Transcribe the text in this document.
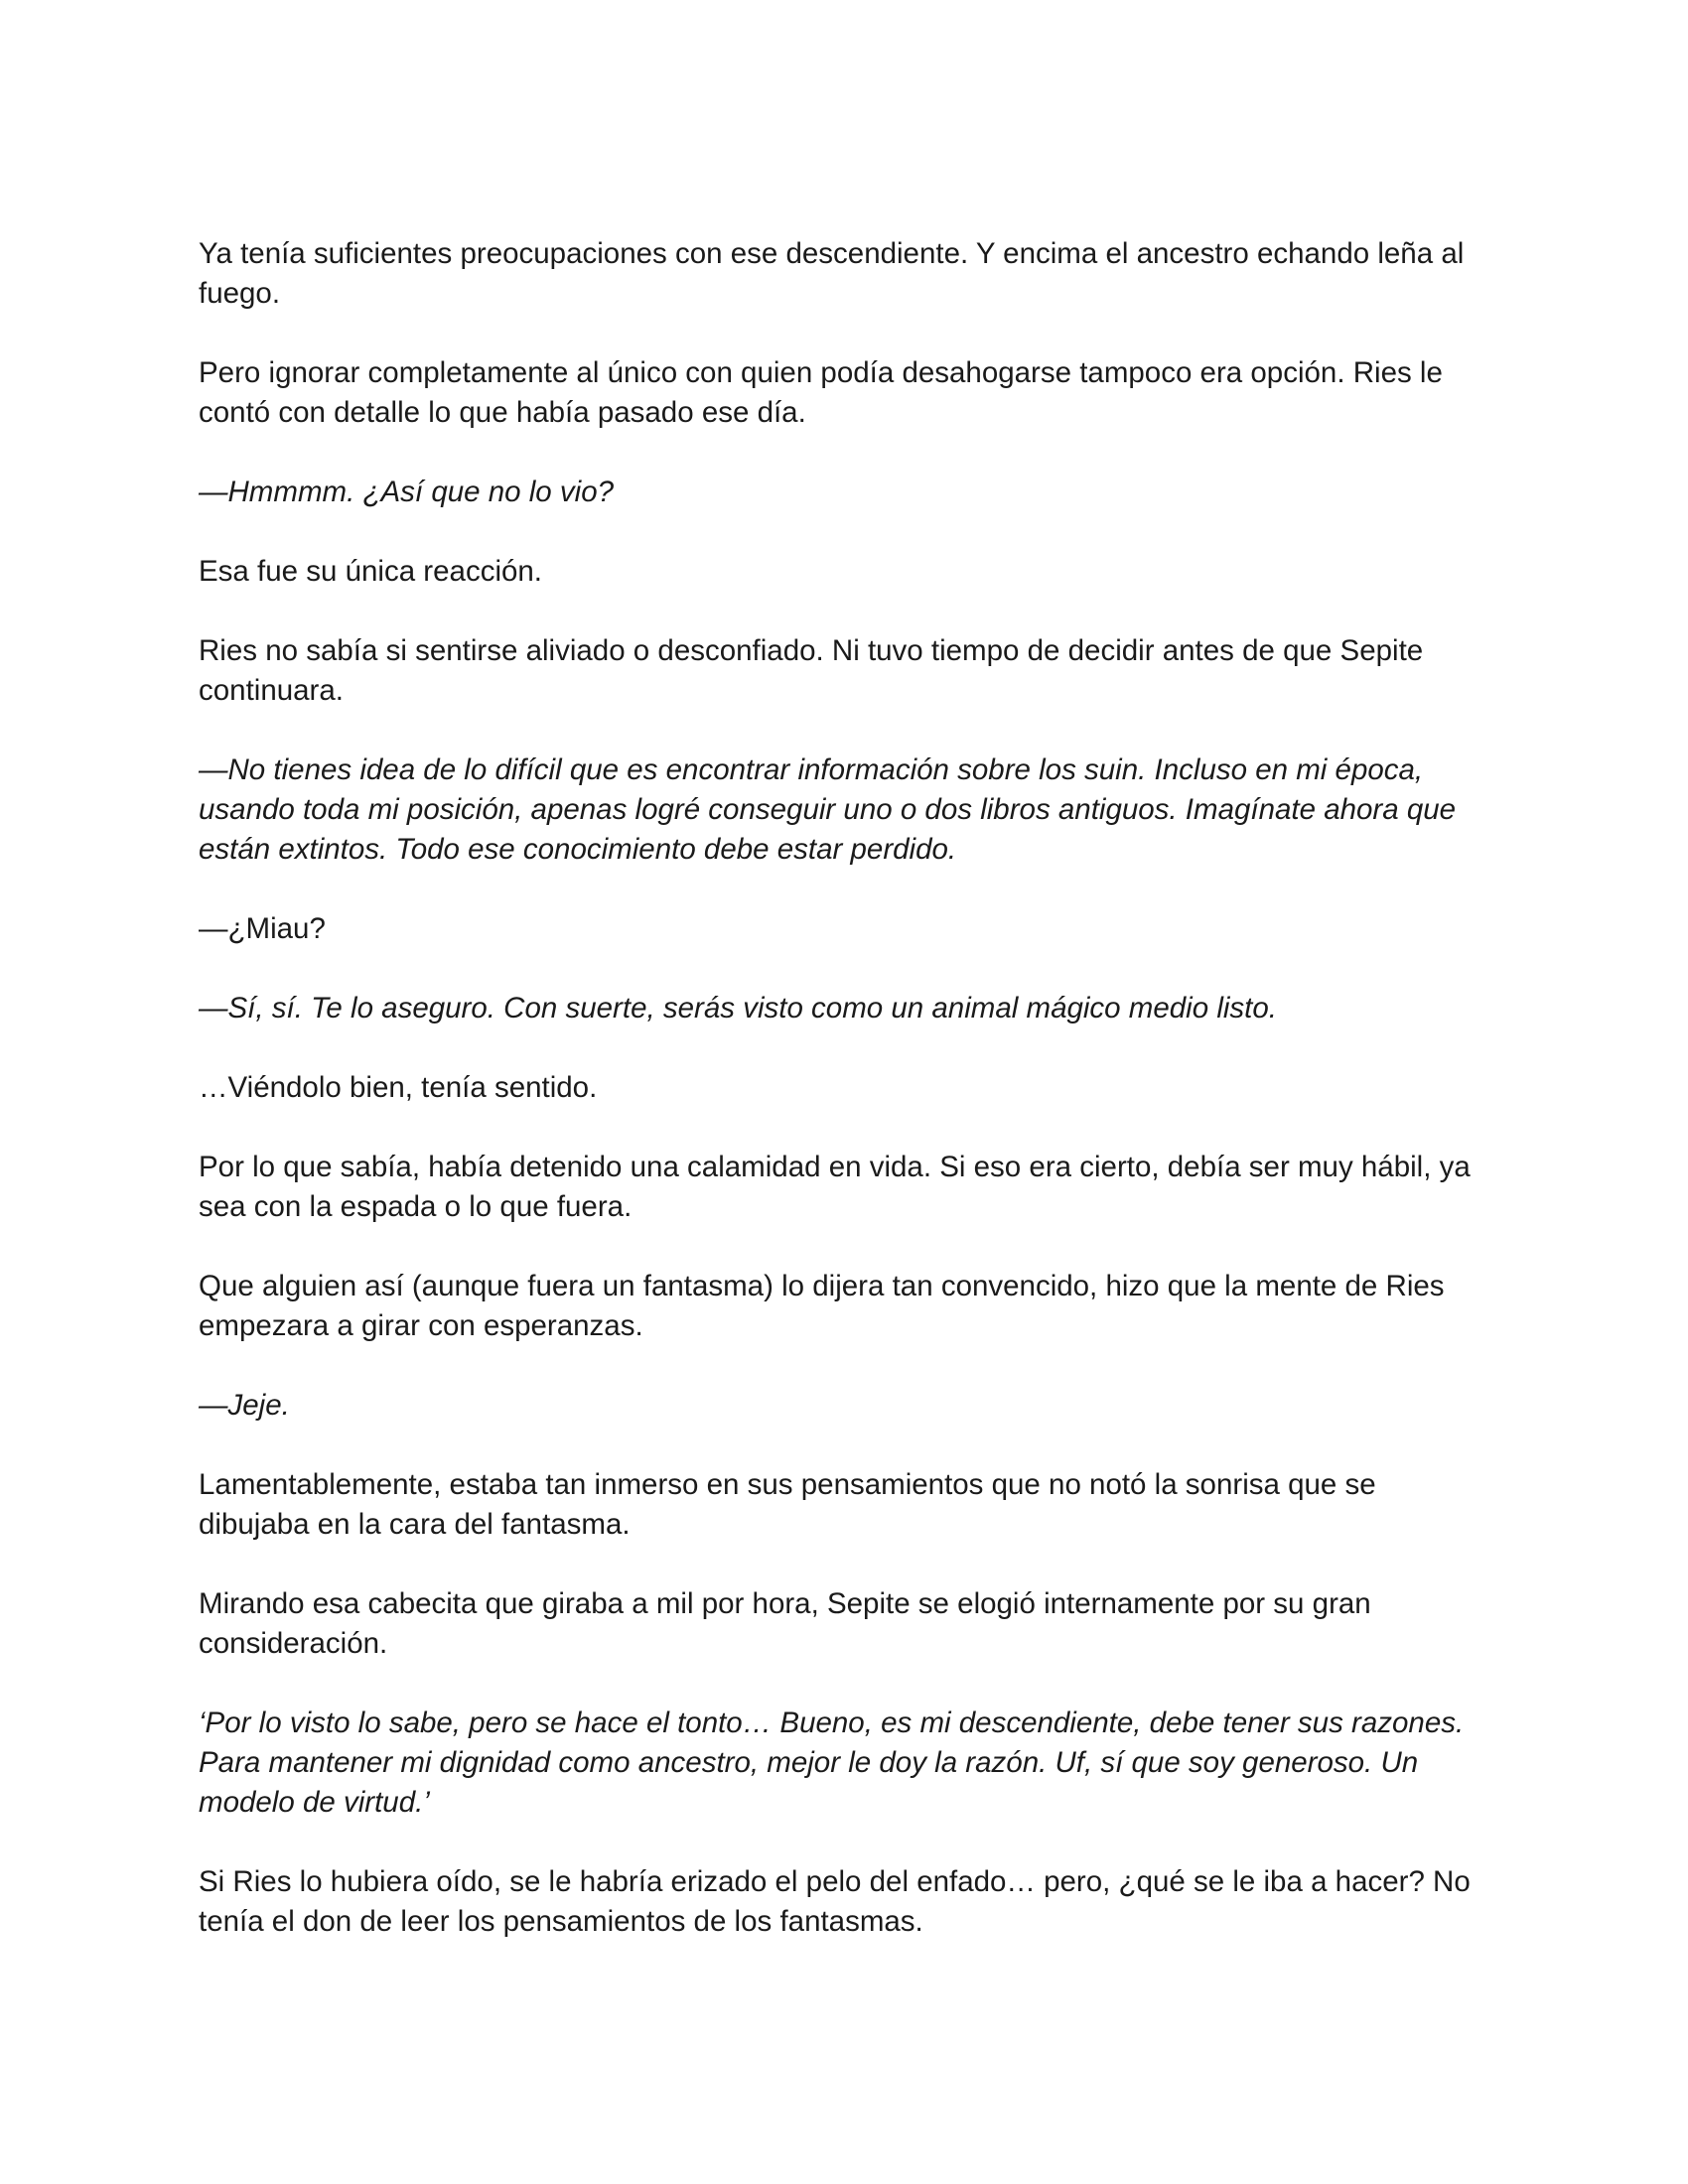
Ya tenía suficientes preocupaciones con ese descendiente. Y encima el ancestro echando leña al fuego.

Pero ignorar completamente al único con quien podía desahogarse tampoco era opción. Ries le contó con detalle lo que había pasado ese día.

—Hmmmm. ¿Así que no lo vio?

Esa fue su única reacción.

Ries no sabía si sentirse aliviado o desconfiado. Ni tuvo tiempo de decidir antes de que Sepite continuara.

—No tienes idea de lo difícil que es encontrar información sobre los suin. Incluso en mi época, usando toda mi posición, apenas logré conseguir uno o dos libros antiguos. Imagínate ahora que están extintos. Todo ese conocimiento debe estar perdido.

—¿Miau?

—Sí, sí. Te lo aseguro. Con suerte, serás visto como un animal mágico medio listo.

…Viéndolo bien, tenía sentido.

Por lo que sabía, había detenido una calamidad en vida. Si eso era cierto, debía ser muy hábil, ya sea con la espada o lo que fuera.

Que alguien así (aunque fuera un fantasma) lo dijera tan convencido, hizo que la mente de Ries empezara a girar con esperanzas.

—Jeje.

Lamentablemente, estaba tan inmerso en sus pensamientos que no notó la sonrisa que se dibujaba en la cara del fantasma.

Mirando esa cabecita que giraba a mil por hora, Sepite se elogió internamente por su gran consideración.

‘Por lo visto lo sabe, pero se hace el tonto… Bueno, es mi descendiente, debe tener sus razones. Para mantener mi dignidad como ancestro, mejor le doy la razón. Uf, sí que soy generoso. Un modelo de virtud.’

Si Ries lo hubiera oído, se le habría erizado el pelo del enfado… pero, ¿qué se le iba a hacer? No tenía el don de leer los pensamientos de los fantasmas.
